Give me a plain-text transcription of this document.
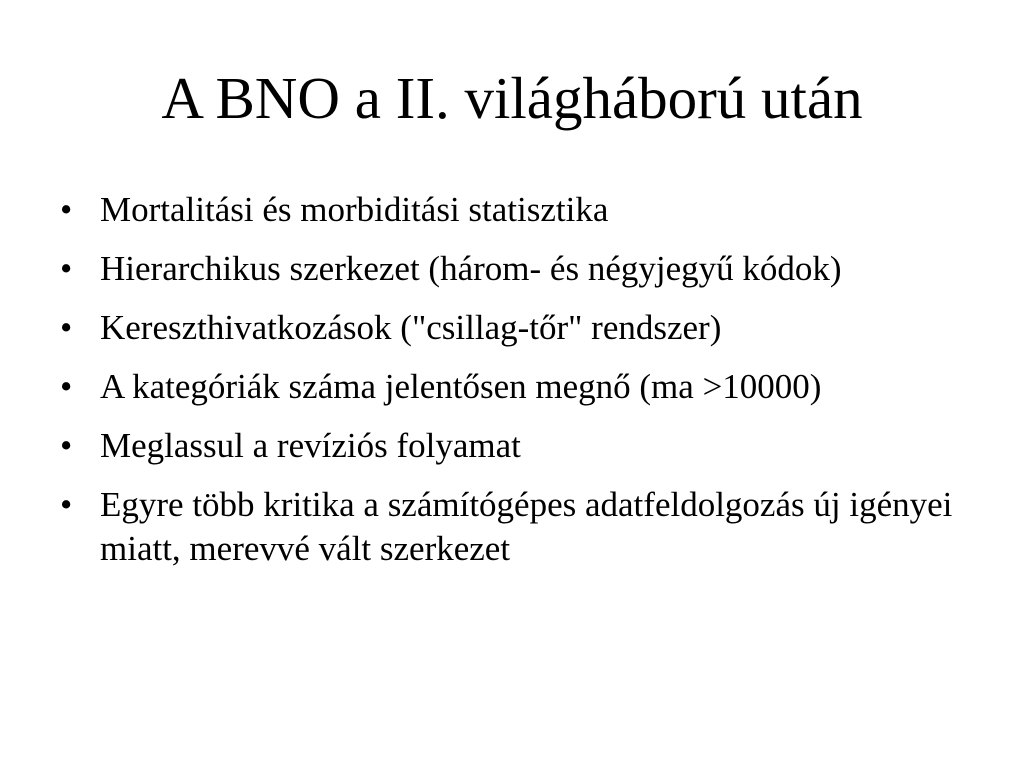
A BNO a II. világháború után
• Mortalitási és morbiditási statisztika
• Hierarchikus szerkezet (három- és négyjegyű kódok)
• Kereszthivatkozások ("csillag-tőr" rendszer)
• A kategóriák száma jelentősen megnő (ma >10000)
• Meglassul a revíziós folyamat
• Egyre több kritika a számítógépes adatfeldolgozás új igényei miatt, merevvé vált szerkezet
